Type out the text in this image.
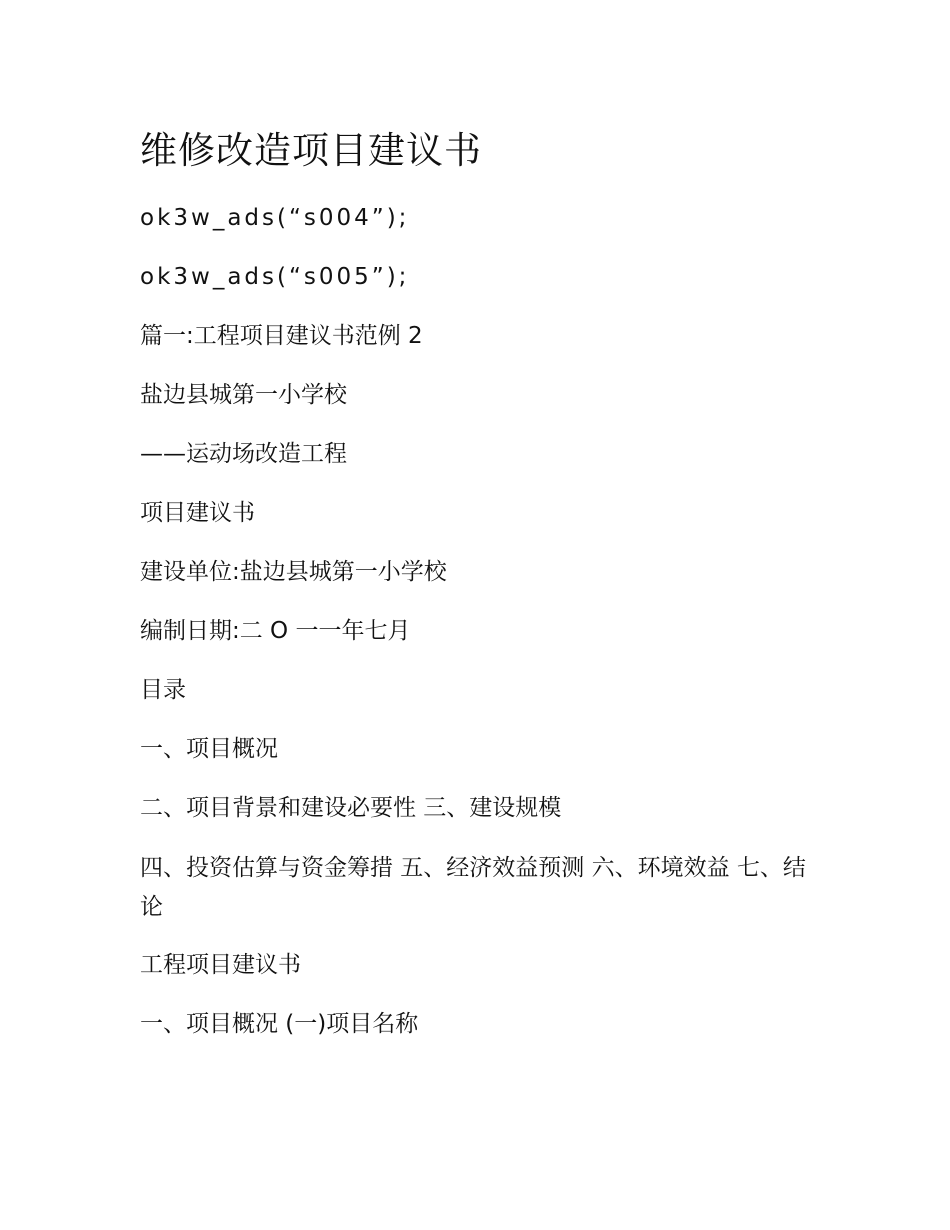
维修改造项目建议书

ok3w_ads(“s004”);

ok3w_ads(“s005”);

篇一:工程项目建议书范例 2

盐边县城第一小学校

——运动场改造工程

项目建议书

建设单位:盐边县城第一小学校

编制日期:二 O 一一年七月

目录

一、项目概况

二、项目背景和建设必要性 三、建设规模

四、投资估算与资金筹措 五、经济效益预测 六、环境效益 七、结论

工程项目建议书

一、项目概况 (一)项目名称
